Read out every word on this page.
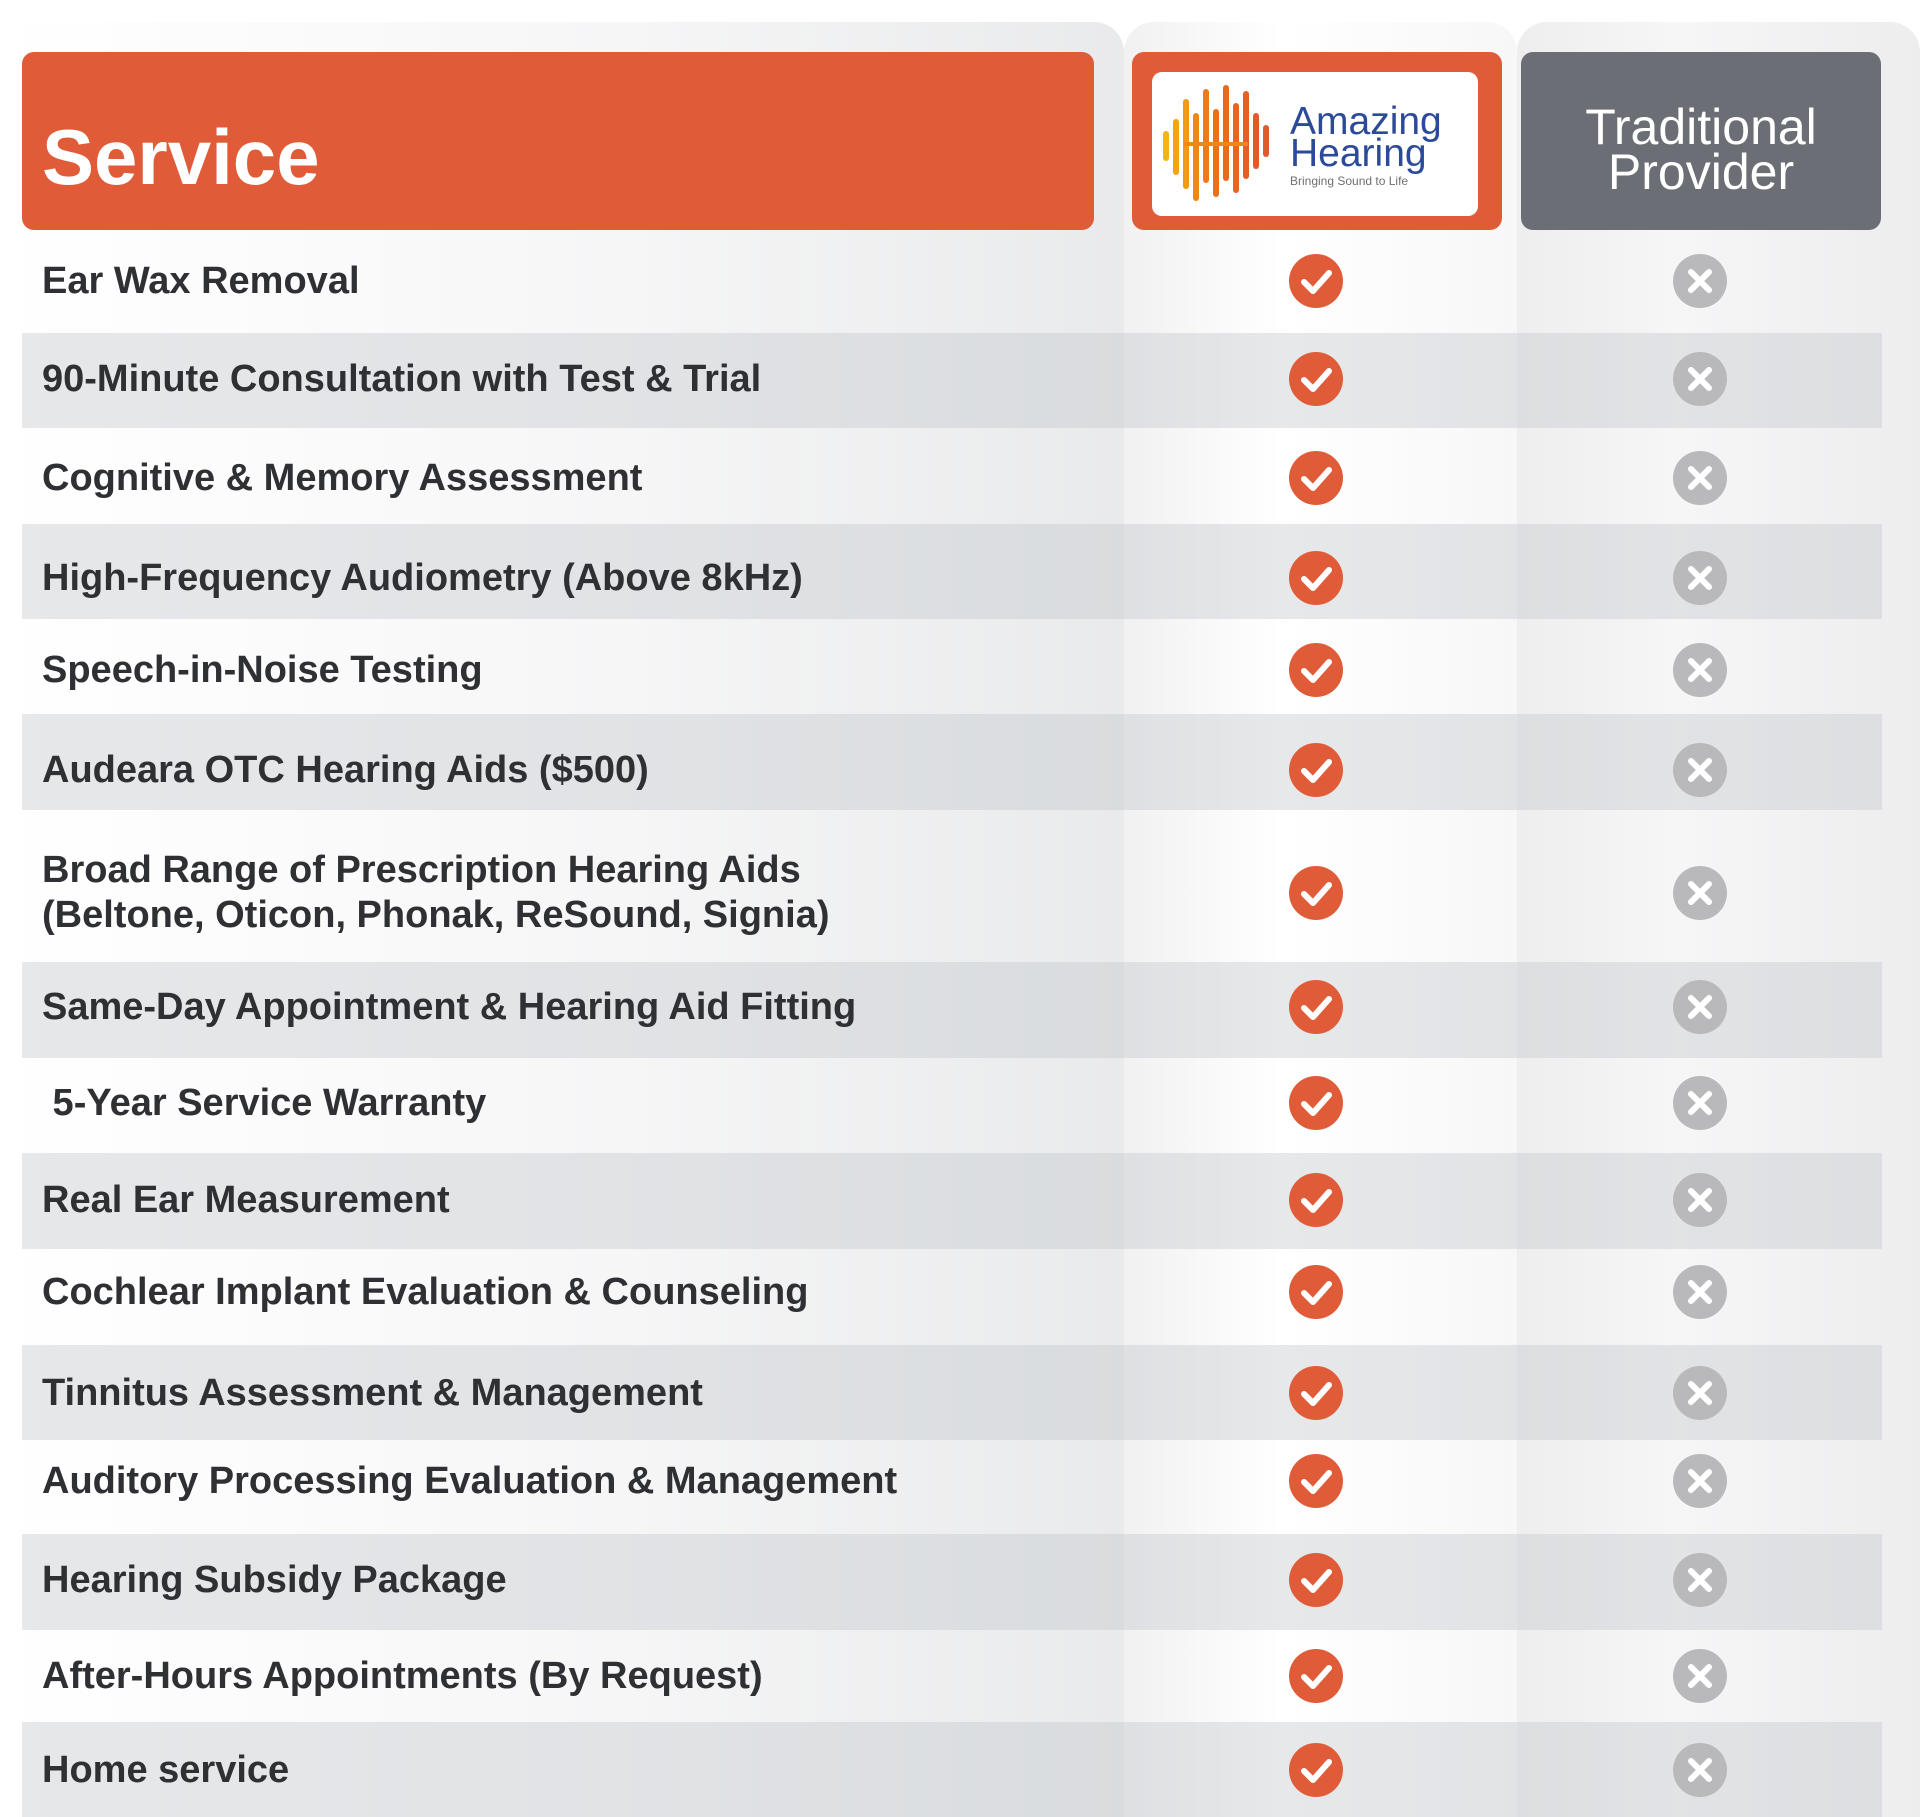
Service	Amazing
Hearing
Bringing Sound to Life
Traditional
Provider
Ear Wax Removal
90-Minute Consultation with Test & Trial
Cognitive & Memory Assessment
High-Frequency Audiometry (Above 8kHz)
Speech-in-Noise Testing
Audeara OTC Hearing Aids ($500)
Broad Range of Prescription Hearing Aids
(Beltone, Oticon, Phonak, ReSound, Signia)
Same-Day Appointment & Hearing Aid Fitting
5-Year Service Warranty
Real Ear Measurement
Cochlear Implant Evaluation & Counseling
Tinnitus Assessment & Management
Auditory Processing Evaluation & Management
Hearing Subsidy Package
After-Hours Appointments (By Request)
Home service
